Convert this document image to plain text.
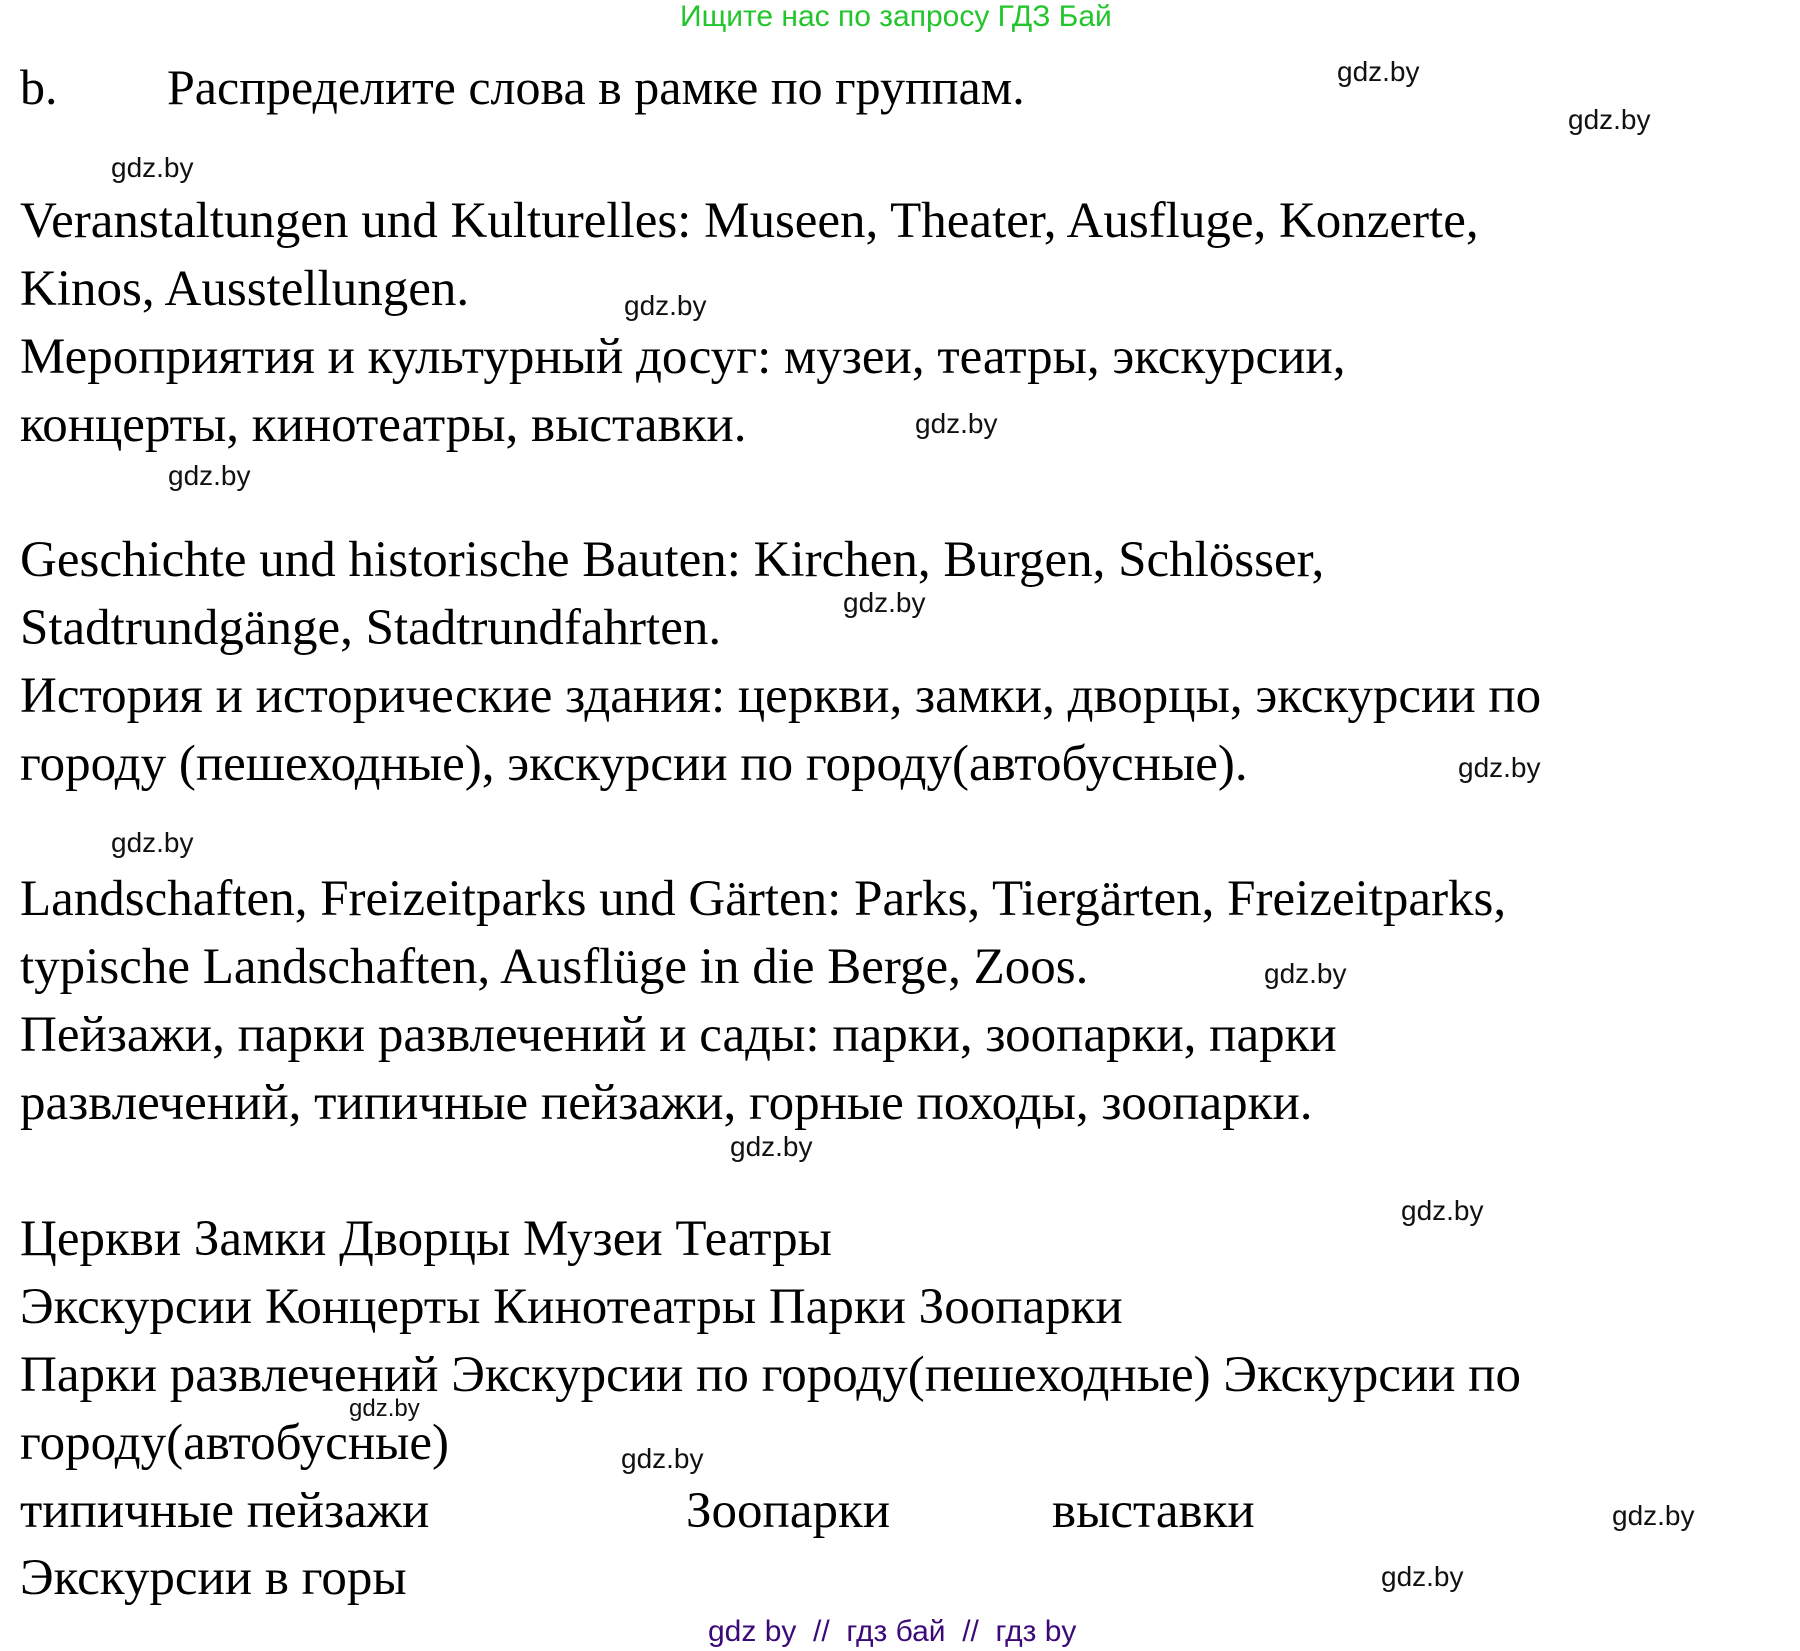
Ищите нас по запросу ГДЗ Бай
b. Распределите слова в рамке по группам.	gdz.by
gdz.by
gdz.by
Veranstaltungen und Kulturelles: Museen, Theater, Ausfluge, Konzerte,
Kinos, Ausstellungen.	gdz.by
Мероприятия и культурный досуг: музеи, театры, экскурсии,
концерты, кинотеатры, выставки.	gdz.by
gdz.by
Geschichte und historische Bauten: Kirchen, Burgen, Schlösser,
Stadtrundgänge, Stadtrundfahrten.	gdz.by
История и исторические здания: церкви, замки, дворцы, экскурсии по
городу (пешеходные), экскурсии по городу(автобусные).	gdz.by
gdz.by
Landschaften, Freizeitparks und Gärten: Parks, Tiergärten, Freizeitparks,
typische Landschaften, Ausflüge in die Berge, Zoos.	gdz.by
Пейзажи, парки развлечений и сады: парки, зоопарки, парки
развлечений, типичные пейзажи, горные походы, зоопарки.
gdz.by
gdz.by
Церкви Замки Дворцы Музеи Театры
Экскурсии Концерты Кинотеатры Парки Зоопарки
Парки развлечений Экскурсии по городу(пешеходные) Экскурсии по
gdz.by
городу(автобусные)	gdz.by
типичные пейзажи	Зоопарки	выставки	gdz.by
Экскурсии в горы	gdz.by
gdz by  //  гдз бай  //  гдз by
